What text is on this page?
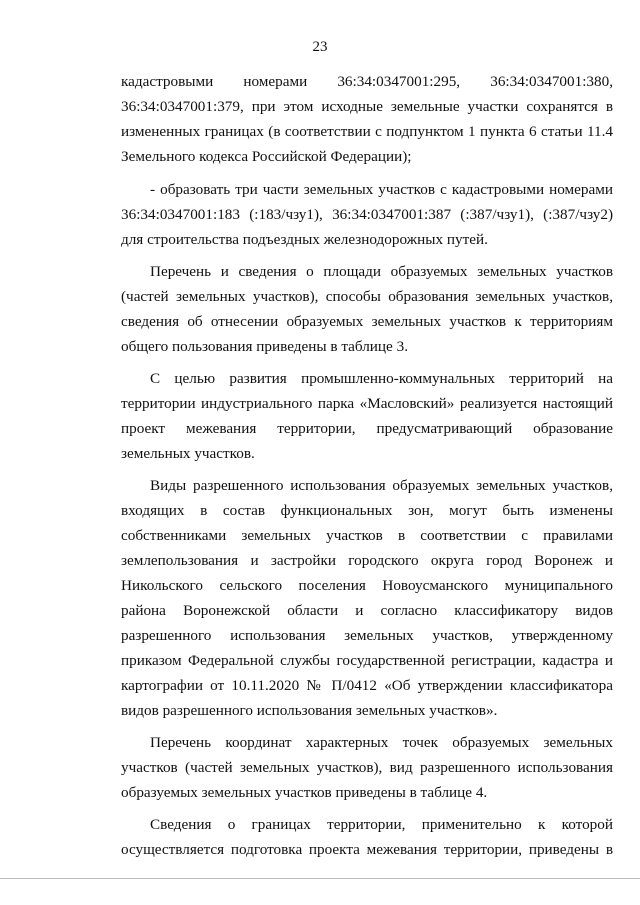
23
кадастровыми номерами 36:34:0347001:295, 36:34:0347001:380,
36:34:0347001:379, при этом исходные земельные участки сохранятся в
измененных границах (в соответствии с подпунктом 1 пункта 6 статьи 11.4
Земельного кодекса Российской Федерации);
- образовать три части земельных участков с кадастровыми номерами
36:34:0347001:183 (:183/чзу1), 36:34:0347001:387 (:387/чзу1), (:387/чзу2)
для строительства подъездных железнодорожных путей.
Перечень и сведения о площади образуемых земельных участков
(частей земельных участков), способы образования земельных участков,
сведения об отнесении образуемых земельных участков к территориям
общего пользования приведены в таблице 3.
С целью развития промышленно-коммунальных территорий на
территории индустриального парка «Масловский» реализуется настоящий
проект межевания территории, предусматривающий образование
земельных участков.
Виды разрешенного использования образуемых земельных участков,
входящих в состав функциональных зон, могут быть изменены
собственниками земельных участков в соответствии с правилами
землепользования и застройки городского округа город Воронеж и
Никольского сельского поселения Новоусманского муниципального
района Воронежской области и согласно классификатору видов
разрешенного использования земельных участков, утвержденному
приказом Федеральной службы государственной регистрации, кадастра и
картографии от 10.11.2020 № П/0412 «Об утверждении классификатора
видов разрешенного использования земельных участков».
Перечень координат характерных точек образуемых земельных
участков (частей земельных участков), вид разрешенного использования
образуемых земельных участков приведены в таблице 4.
Сведения о границах территории, применительно к которой
осуществляется подготовка проекта межевания территории, приведены в
